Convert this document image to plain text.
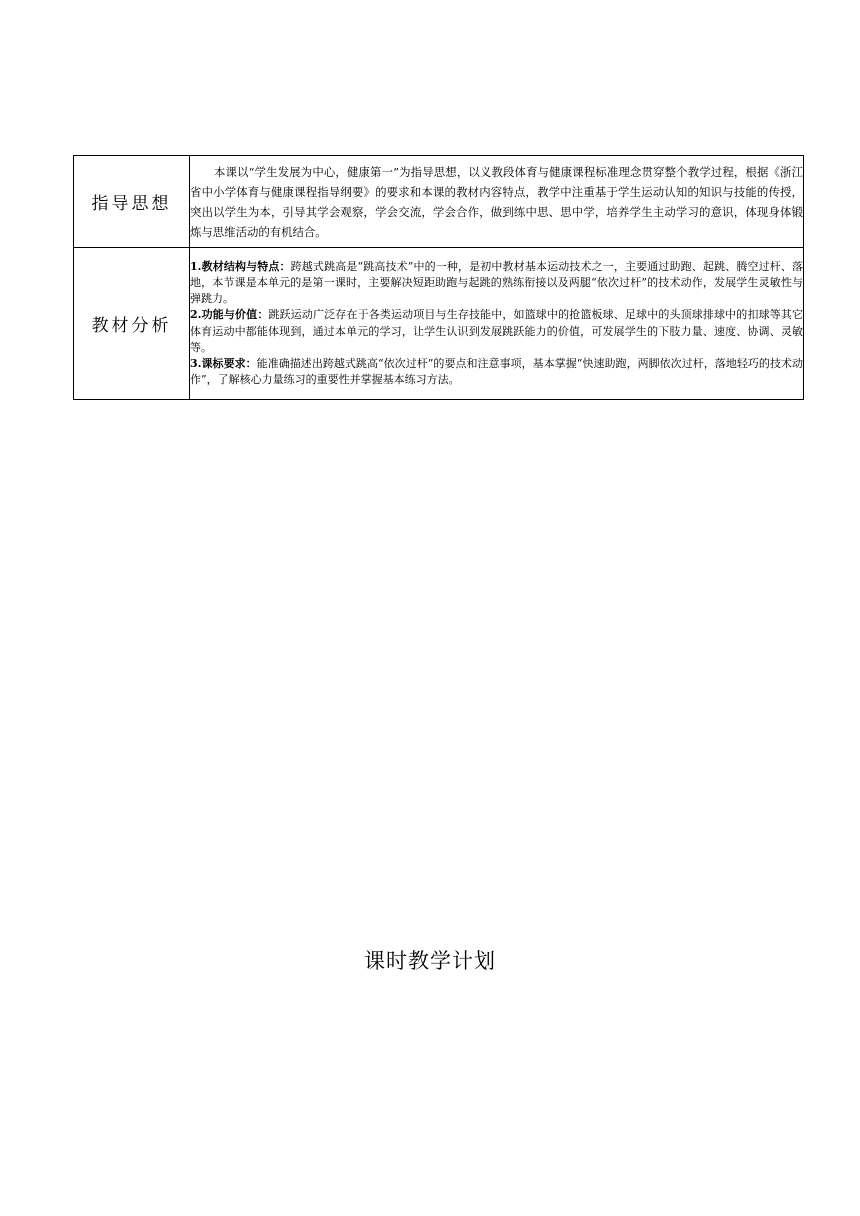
指导思想	本课以“学生发展为中心，健康第一”为指导思想，以义教段体育与健康课程标准理念贯穿整个教学过程，根据《浙江省中小学体育与健康课程指导纲要》的要求和本课的教材内容特点，教学中注重基于学生运动认知的知识与技能的传授，突出以学生为本，引导其学会观察，学会交流，学会合作，做到练中思、思中学，培养学生主动学习的意识，体现身体锻炼与思维活动的有机结合。

教材分析	1.教材结构与特点：跨越式跳高是“跳高技术”中的一种，是初中教材基本运动技术之一，主要通过助跑、起跳、腾空过杆、落地，本节课是本单元的是第一课时，主要解决短距助跑与起跳的熟练衔接以及两腿“依次过杆”的技术动作，发展学生灵敏性与弹跳力。

2.功能与价值：跳跃运动广泛存在于各类运动项目与生存技能中，如篮球中的抢篮板球、足球中的头顶球排球中的扣球等其它体育运动中都能体现到，通过本单元的学习，让学生认识到发展跳跃能力的价值，可发展学生的下肢力量、速度、协调、灵敏等。

3.课标要求：能准确描述出跨越式跳高“依次过杆”的要点和注意事项，基本掌握“快速助跑，两脚依次过杆，落地轻巧的技术动作”，了解核心力量练习的重要性并掌握基本练习方法。

课时教学计划
